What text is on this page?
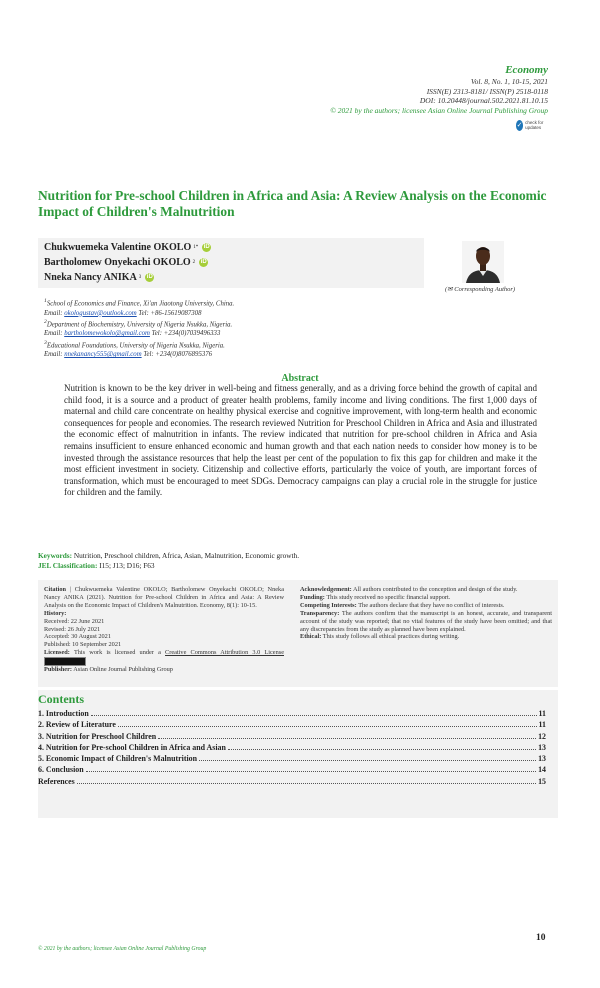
Economy
Vol. 8, No. 1, 10-15, 2021
ISSN(E) 2313-8181/ ISSN(P) 2518-0118
DOI: 10.20448/journal.502.2021.81.10.15
© 2021 by the authors; licensee Asian Online Journal Publishing Group
✓ check for updates
Nutrition for Pre-school Children in Africa and Asia: A Review Analysis on the Economic Impact of Children's Malnutrition
Chukwuemeka Valentine OKOLO 1* iD
Bartholomew Onyekachi OKOLO 2 iD
Nneka Nancy ANIKA 3 iD
(✉ Corresponding Author)
$^1$School of Economics and Finance, Xi'an Jiaotong University, China.
Email: okologustav@outlook.com Tel: +86-15619087308
$^2$Department of Biochemistry, University of Nigeria Nsukka, Nigeria.
Email: bartholomewokolo@gmail.com Tel: +234(0)7039496333
$^3$Educational Foundations, University of Nigeria Nsukka, Nigeria.
Email: nnekanancy555@gmail.com Tel: +234(0)8076895376
Abstract
Nutrition is known to be the key driver in well-being and fitness generally, and as a driving force behind the growth of capital and child food, it is a source and a product of greater health problems, family income and living conditions. The first 1,000 days of maternal and child care concentrate on healthy physical exercise and cognitive improvement, with long-term health and economic consequences for people and economies. The research reviewed Nutrition for Preschool Children in Africa and Asia and illustrated the economic effect of malnutrition in infants. The review indicated that nutrition for pre-school children in Africa and Asia remains insufficient to ensure enhanced economic and human growth and that each nation needs to consider how money is to be invested through the assistance resources that help the least per cent of the population to fix this gap for children and make it the most efficient investment in society. Citizenship and collective efforts, particularly the voice of youth, are important forces of transformation, which must be encouraged to meet SDGs. Democracy campaigns can play a crucial role in the struggle for justice for children and the family.
Keywords: Nutrition, Preschool children, Africa, Asian, Malnutrition, Economic growth.
JEL Classification: I15; J13; D16; F63
Citation | Chukwuemeka Valentine OKOLO; Bartholomew Onyekachi OKOLO; Nneka Nancy ANIKA (2021). Nutrition for Pre-school Children in Africa and Asia: A Review Analysis on the Economic Impact of Children's Malnutrition. Economy, 8(1): 10-15.
History:
Received: 22 June 2021
Revised: 26 July 2021
Accepted: 30 August 2021
Published: 10 September 2021
Licensed: This work is licensed under a Creative Commons Attribution 3.0 License
Publisher: Asian Online Journal Publishing Group
Acknowledgement: All authors contributed to the conception and design of the study.
Funding: This study received no specific financial support.
Competing Interests: The authors declare that they have no conflict of interests.
Transparency: The authors confirm that the manuscript is an honest, accurate, and transparent account of the study was reported; that no vital features of the study have been omitted; and that any discrepancies from the study as planned have been explained.
Ethical: This study follows all ethical practices during writing.
Contents
1. Introduction	11
2. Review of Literature	11
3. Nutrition for Preschool Children	12
4. Nutrition for Pre-school Children in Africa and Asian	13
5. Economic Impact of Children's Malnutrition	13
6. Conclusion	14
References	15
10
© 2021 by the authors; licensee Asian Online Journal Publishing Group
